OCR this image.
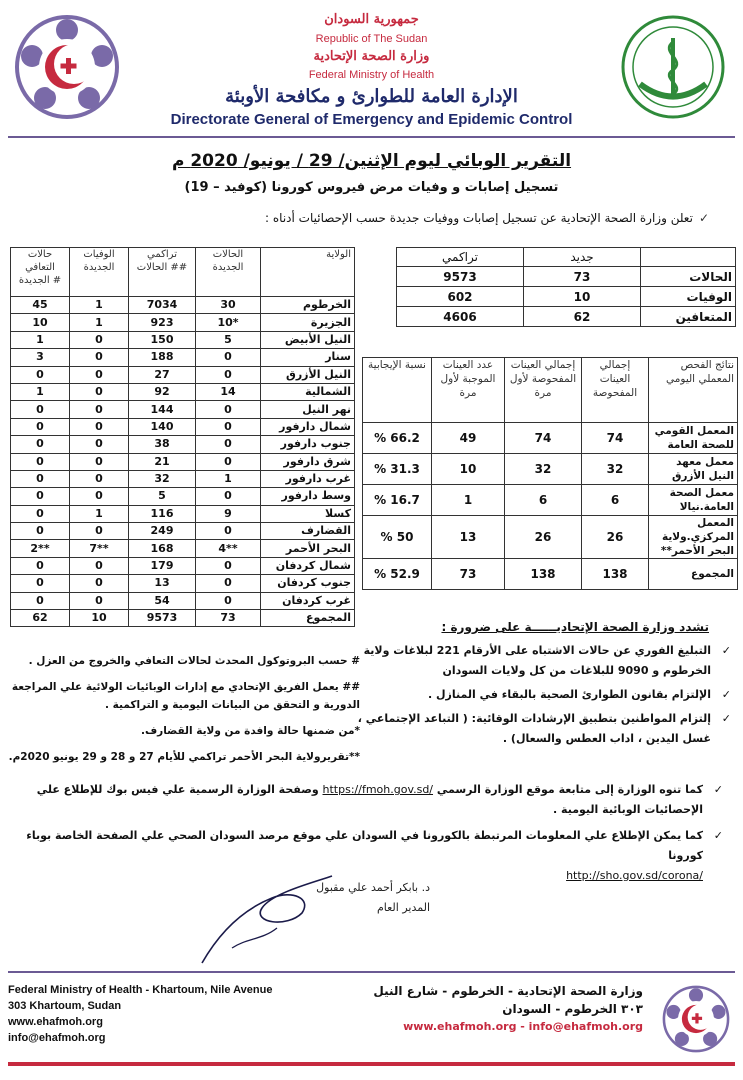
جمهورية السودان
Republic of The Sudan
وزارة الصحة الإتحادية
Federal Ministry of Health
الإدارة العامة للطوارئ و مكافحة الأوبئة
Directorate General of Emergency and Epidemic Control
التقرير الوبائي ليوم الإثنين/ 29 / يونيو/ 2020 م
تسجيل إصابات و وفيات مرض فيروس كورونا (كوفيد – 19)
✓تعلن وزارة الصحة الإتحادية عن تسجيل إصابات ووفيات جديدة حسب الإحصائيات أدناه :
حالات التعافي الجديدة #	الوفيات الجديدة	تراكمي الحالات ##	الحالات الجديدة	الولاية
45	1	7034	30	الخرطوم
10	1	923	10*	الجزيرة
1	0	150	5	النيل الأبيض
3	0	188	0	سنار
0	0	27	0	النيل الأزرق
1	0	92	14	الشمالية
0	0	144	0	نهر النيل
0	0	140	0	شمال دارفور
0	0	38	0	جنوب دارفور
0	0	21	0	شرق دارفور
0	0	32	1	غرب دارفور
0	0	5	0	وسط دارفور
0	1	116	9	كسلا
0	0	249	0	القضارف
2**	7**	168	4**	البحر الأحمر
0	0	179	0	شمال كردفان
0	0	13	0	جنوب كردفان
0	0	54	0	غرب كردفان
62	10	9573	73	المجموع
تراكمي	جديد	
9573	73	الحالات
602	10	الوفيات
4606	62	المتعافين
نسبة الإيجابية	عدد العينات الموجبة لأول مرة	إجمالي العينات المفحوصة لأول مرة	إجمالي العينات المفحوصة	نتائج الفحص المعملي اليومي
% 66.2	49	74	74	المعمل القومي للصحة العامة
% 31.3	10	32	32	معمل معهد النيل الأزرق
% 16.7	1	6	6	معمل الصحة العامة.نيالا
% 50	13	26	26	المعمل المركزي.ولاية البحر الأحمر**
% 52.9	73	138	138	المجموع
تشدد وزارة الصحة الإتحاديــــــة على ضرورة :
✓
التبليغ الفوري عن حالات الاشتباه على الأرقام 221 لبلاغات ولاية الخرطوم و 9090 للبلاغات من كل ولايات السودان
✓
الإلتزام بقانون الطوارئ الصحية بالبقاء في المنازل .
✓
إلتزام المواطنين بتطبيق الإرشادات الوقائية: ( التباعد الإجتماعي ، غسل اليدين ، اداب العطس والسعال) .

# حسب البروتوكول المحدث لحالات التعافي والخروج من العزل .

## يعمل الفريق الإتحادي مع إدارات الوبائيات الولائية علي المراجعة الدورية و التحقق من البيانات اليومية و التراكمية .

*من ضمنها حالة وافدة من ولاية القضارف.

**تقريرولاية البحر الأحمر تراكمي للأيام 27 و 28 و 29 يونيو 2020م.

✓
كما تنوه الوزارة إلى متابعة موقع الوزارة الرسمي https://fmoh.gov.sd/ وصفحة الوزارة الرسمية علي فيس بوك للإطلاع علي الإحصائيات الوبائية اليومية .
✓
كما يمكن الإطلاع علي المعلومات المرتبطة بالكورونا في السودان علي موقع مرصد السودان الصحي علي الصفحة الخاصة بوباء كورونا
http://sho.gov.sd/corona/
د. بابكر أحمد علي مقبول
المدير العام
Federal Ministry of Health - Khartoum, Nile Avenue
303 Khartoum, Sudan
www.ehafmoh.org
info@ehafmoh.org
وزارة الصحة الإتحادية - الخرطوم - شارع النيل
٣٠٣ الخرطوم - السودان
www.ehafmoh.org - info@ehafmoh.org
